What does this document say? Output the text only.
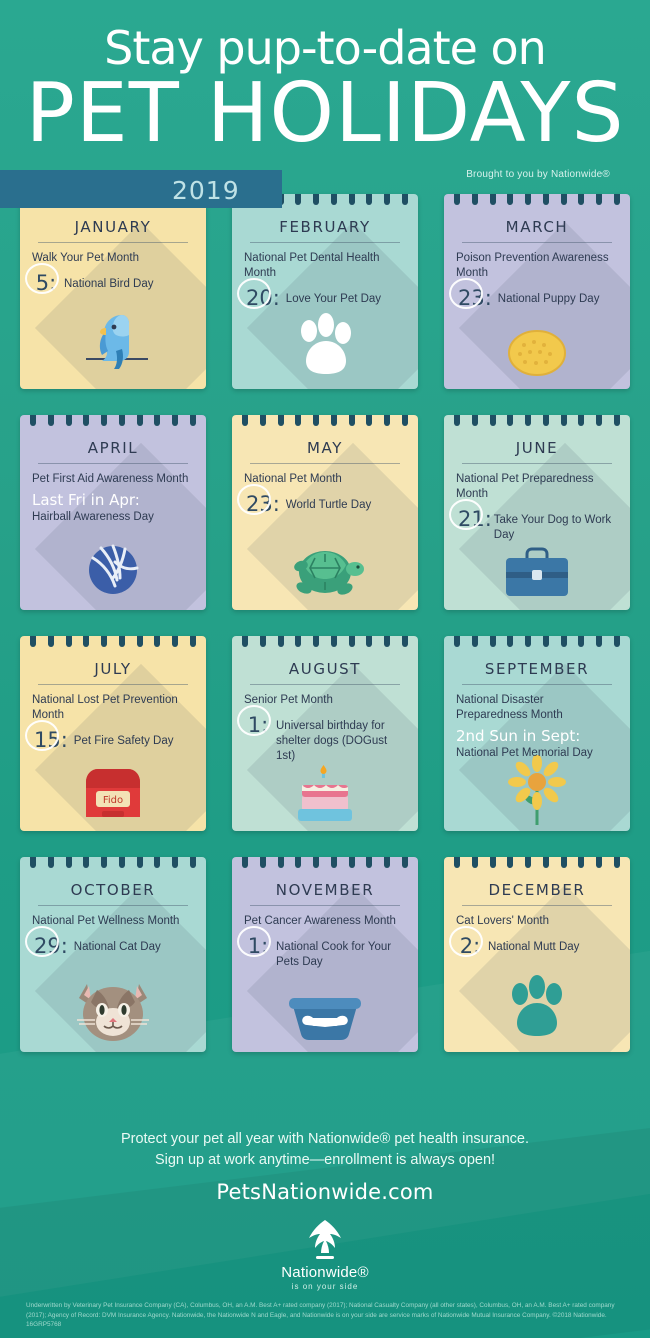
Stay pup-to-date on
PET HOLIDAYS
2019
Brought to you by Nationwide®
JANUARY
Walk Your Pet Month
5: National Bird Day
FEBRUARY
National Pet Dental Health Month
20: Love Your Pet Day
MARCH
Poison Prevention Awareness Month
23: National Puppy Day
APRIL
Pet First Aid Awareness Month
Last Fri in Apr:
Hairball Awareness Day
MAY
National Pet Month
23: World Turtle Day
JUNE
National Pet Preparedness Month
21: Take Your Dog to Work Day
JULY
National Lost Pet Prevention Month
15: Pet Fire Safety Day
Fido
AUGUST
Senior Pet Month
1: Universal birthday for shelter dogs (DOGust 1st)
SEPTEMBER
National Disaster Preparedness Month
2nd Sun in Sept:
National Pet Memorial Day
OCTOBER
National Pet Wellness Month
29: National Cat Day
NOVEMBER
Pet Cancer Awareness Month
1: National Cook for Your Pets Day
DECEMBER
Cat Lovers' Month
2: National Mutt Day
Protect your pet all year with Nationwide® pet health insurance.
Sign up at work anytime—enrollment is always open!
PetsNationwide.com
Nationwide®
is on your side
Underwritten by Veterinary Pet Insurance Company (CA), Columbus, OH, an A.M. Best A+ rated company (2017); National Casualty Company (all other states), Columbus, OH, an A.M. Best A+ rated company (2017); Agency of Record: DVM Insurance Agency. Nationwide, the Nationwide N and Eagle, and Nationwide is on your side are service marks of Nationwide Mutual Insurance Company. ©2018 Nationwide. 16GRP5768
